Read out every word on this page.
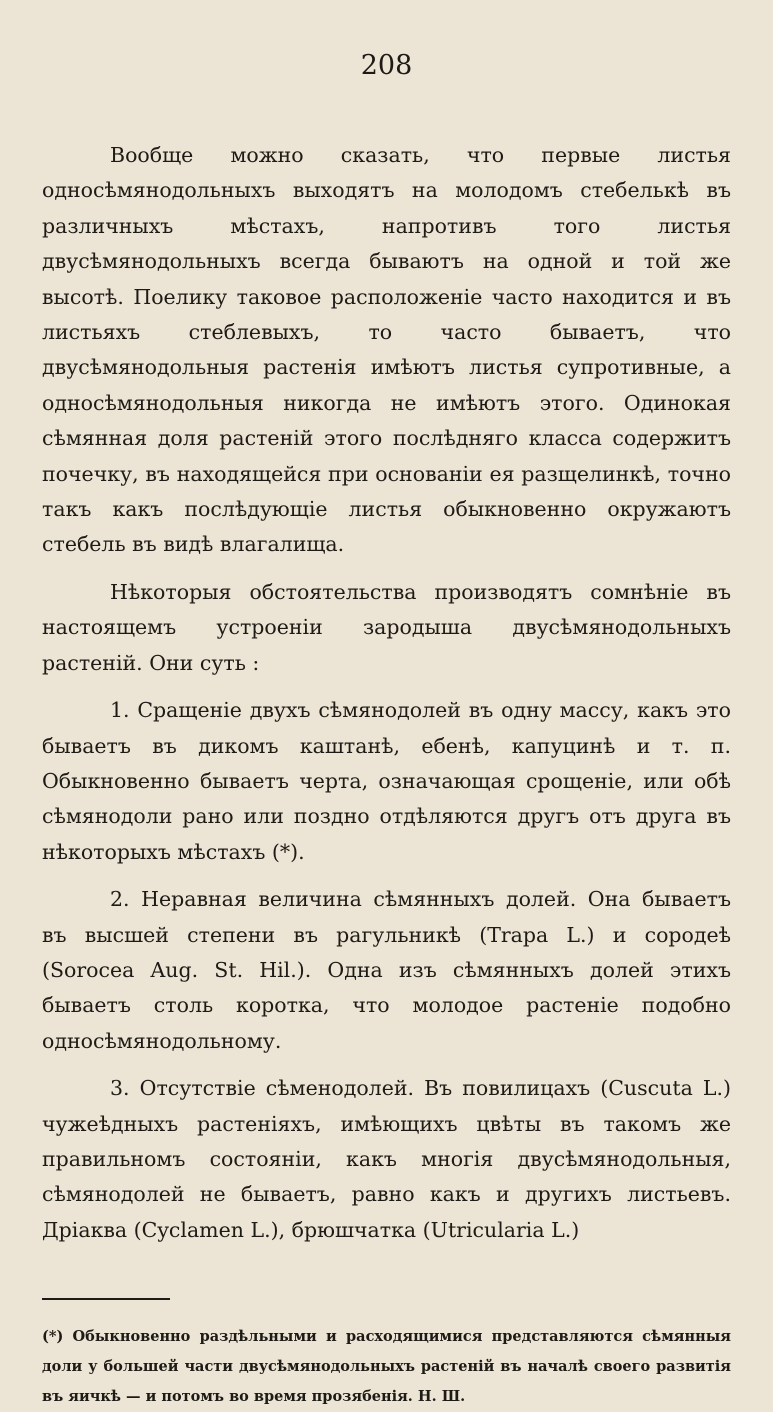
208

Вообще можно сказать, что первые листья односѣмянодольныхъ выходятъ на молодомъ стебелькѣ въ различныхъ мѣстахъ, напротивъ того листья двусѣмянодольныхъ всегда бываютъ на одной и той же высотѣ. Поелику таковое расположеніе часто находится и въ листьяхъ стеблевыхъ, то часто бываетъ, что двусѣмянодольныя растенія имѣютъ листья супротивные, а односѣмянодольныя никогда не имѣютъ этого. Одинокая сѣмянная доля растеній этого послѣдняго класса содержитъ почечку, въ находящейся при основаніи ея разщелинкѣ, точно такъ какъ послѣдующіе листья обыкновенно окружаютъ стебель въ видѣ влагалища.

Нѣкоторыя обстоятельства производятъ сомнѣніе въ настоящемъ устроеніи зародыша двусѣмянодольныхъ растеній. Они суть :

1. Сращеніе двухъ сѣмянодолей въ одну массу, какъ это бываетъ въ дикомъ каштанѣ, ебенѣ, капуцинѣ и т. п. Обыкновенно бываетъ черта, означающая срощеніе, или обѣ сѣмянодоли рано или поздно отдѣляются другъ отъ друга въ нѣкоторыхъ мѣстахъ (*).

2. Неравная величина сѣмянныхъ долей. Она бываетъ въ высшей степени въ рагульникѣ (Trapa L.) и сородеѣ (Sorocea Aug. St. Hil.). Одна изъ сѣмянныхъ долей этихъ бываетъ столь коротка, что молодое растеніе подобно односѣмянодольному.

3. Отсутствіе сѣменодолей. Въ повилицахъ (Cuscuta L.) чужеѣдныхъ растеніяхъ, имѣющихъ цвѣты въ такомъ же правильномъ состояніи, какъ многія двусѣмянодольныя, сѣмянодолей не бываетъ, равно какъ и другихъ листьевъ. Дріаква (Cyclamen L.), брюшчатка (Utricularia L.)

(*) Обыкновенно раздѣльными и расходящимися представляются сѣмянныя доли у большей части двусѣмянодольныхъ растеній въ началѣ своего развитія въ яичкѣ — и потомъ во время прозябенія. Н. Ш.
